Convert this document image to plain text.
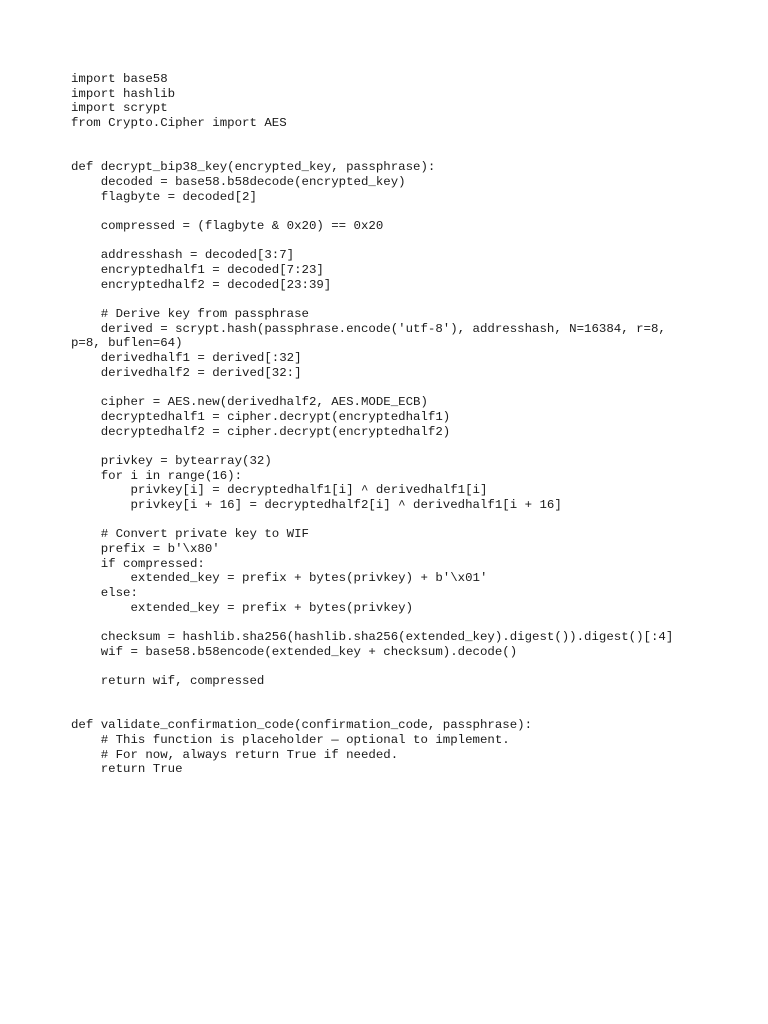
import base58
import hashlib
import scrypt
from Crypto.Cipher import AES
def decrypt_bip38_key(encrypted_key, passphrase):
decoded = base58.b58decode(encrypted_key)
flagbyte = decoded[2]
compressed = (flagbyte & 0x20) == 0x20
addresshash = decoded[3:7]
encryptedhalf1 = decoded[7:23]
encryptedhalf2 = decoded[23:39]
# Derive key from passphrase
derived = scrypt.hash(passphrase.encode('utf-8'), addresshash, N=16384, r=8,
p=8, buflen=64)
derivedhalf1 = derived[:32]
derivedhalf2 = derived[32:]
cipher = AES.new(derivedhalf2, AES.MODE_ECB)
decryptedhalf1 = cipher.decrypt(encryptedhalf1)
decryptedhalf2 = cipher.decrypt(encryptedhalf2)
privkey = bytearray(32)
for i in range(16):
privkey[i] = decryptedhalf1[i] ^ derivedhalf1[i]
privkey[i + 16] = decryptedhalf2[i] ^ derivedhalf1[i + 16]
# Convert private key to WIF
prefix = b'\x80'
if compressed:
extended_key = prefix + bytes(privkey) + b'\x01'
else:
extended_key = prefix + bytes(privkey)
checksum = hashlib.sha256(hashlib.sha256(extended_key).digest()).digest()[:4]
wif = base58.b58encode(extended_key + checksum).decode()
return wif, compressed
def validate_confirmation_code(confirmation_code, passphrase):
# This function is placeholder — optional to implement.
# For now, always return True if needed.
return True
